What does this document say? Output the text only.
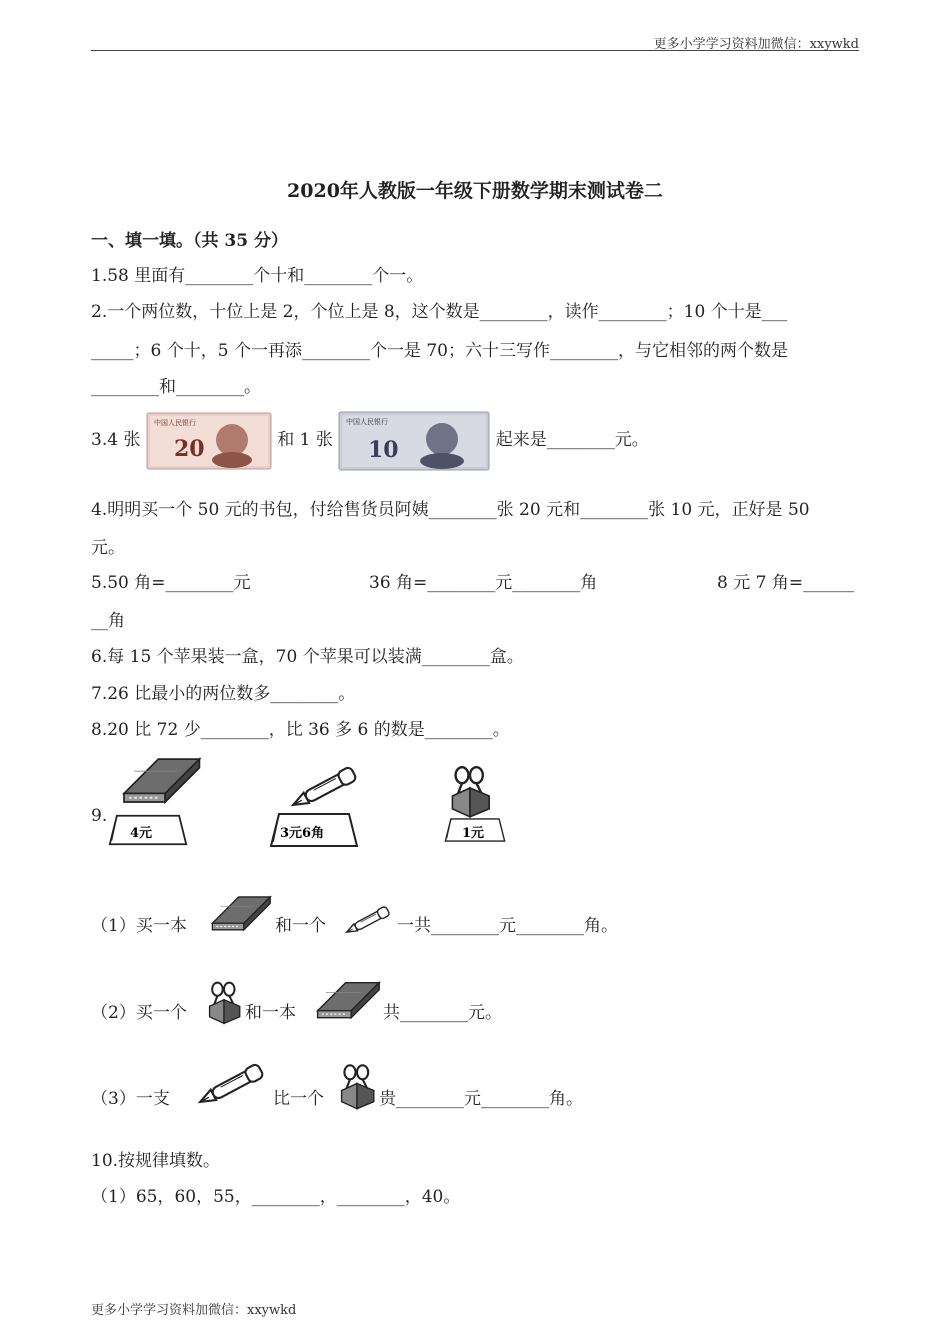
更多小学学习资料加微信：xxywkd
2020年人教版一年级下册数学期末测试卷二
一、填一填。（共 35 分）
1.58 里面有________个十和________个一。
2.一个两位数，十位上是 2，个位上是 8，这个数是________，读作________；10 个十是___
_____；6 个十，5 个一再添________个一是 70；六十三写作________，与它相邻的两个数是
________和________。
3.4 张
中国人民银行
20	和 1 张
中国人民银行
10	起来是________元。
4.明明买一个 50 元的书包，付给售货员阿姨________张 20 元和________张 10 元，正好是 50
元。
5.50 角=________元	36 角=________元________角	8 元 7 角=______
__角
6.每 15 个苹果装一盒，70 个苹果可以装满________盒。
7.26 比最小的两位数多________。
8.20 比 72 少________，比 36 多 6 的数是________。
9.
4元	3元6角	1元
（1）买一本	和一个	一共________元________角。
（2）买一个	和一本	共________元。
（3）一支	比一个	贵________元________角。
10.按规律填数。
（1）65，60，55，________，________，40。
更多小学学习资料加微信：xxywkd
